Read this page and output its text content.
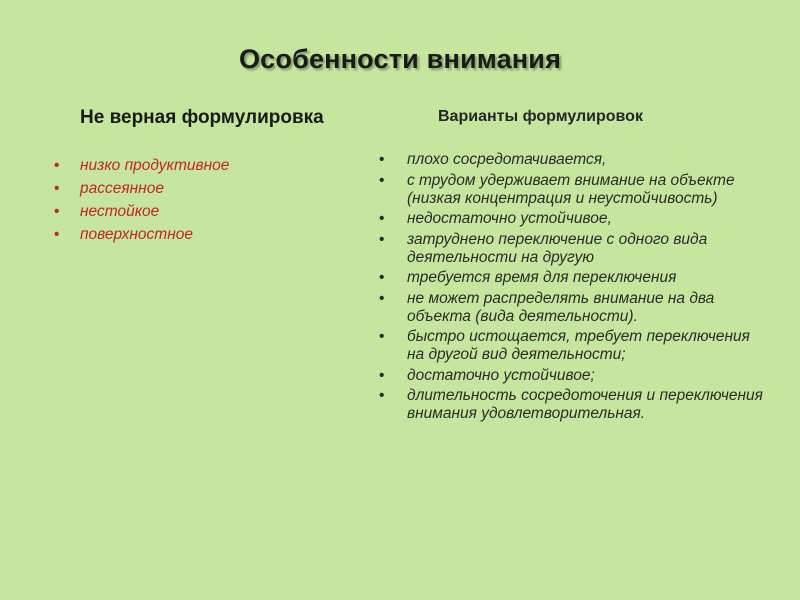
Особенности внимания
Не верная формулировка	Варианты формулировок
• низко продуктивное
• рассеянное
• нестойкое
• поверхностное
• плохо сосредотачивается,
• с трудом удерживает внимание на объекте (низкая концентрация и неустойчивость)
• недостаточно устойчивое,
• затруднено переключение с одного вида деятельности на другую
• требуется время для переключения
• не может распределять внимание на два объекта (вида деятельности).
• быстро истощается, требует переключения на другой вид деятельности;
• достаточно устойчивое;
• длительность сосредоточения и переключения внимания удовлетворительная.
